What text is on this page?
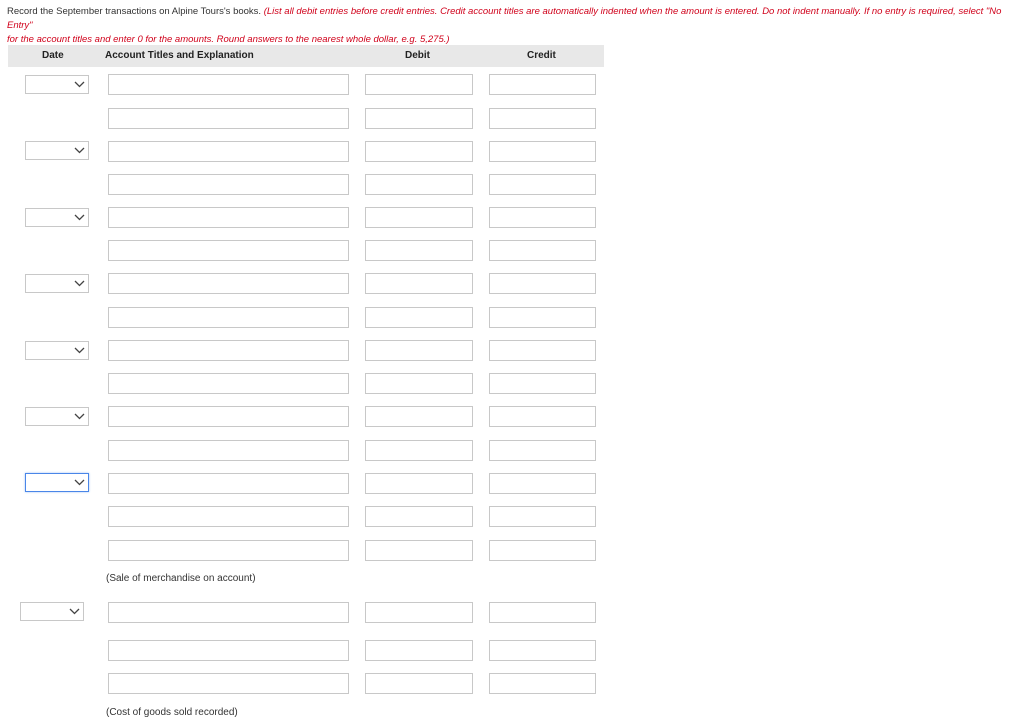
Record the September transactions on Alpine Tours's books. (List all debit entries before credit entries. Credit account titles are automatically indented when the amount is entered. Do not indent manually. If no entry is required, select "No Entry"
for the account titles and enter 0 for the amounts. Round answers to the nearest whole dollar, e.g. 5,275.)
Date	Account Titles and Explanation	Debit	Credit
(Sale of merchandise on account)
(Cost of goods sold recorded)
